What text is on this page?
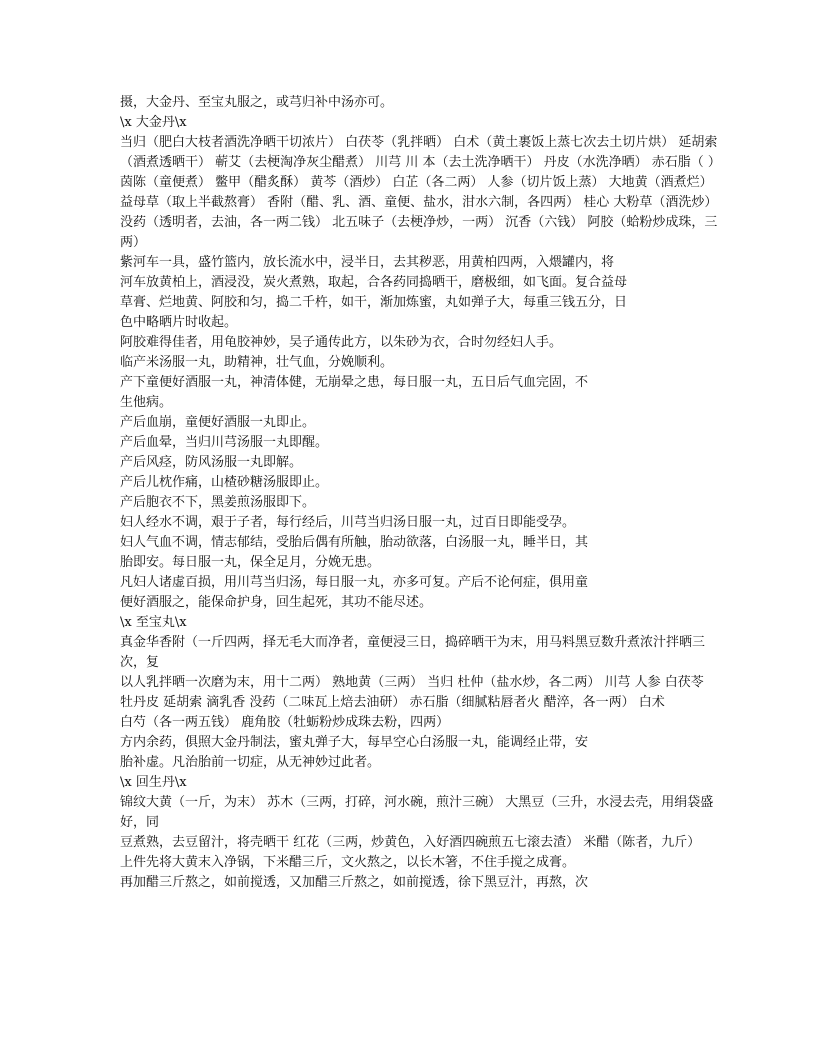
摄，大金丹、至宝丸服之，或芎归补中汤亦可。
\x 大金丹\x
当归（肥白大枝者酒洗净晒干切浓片） 白茯苓（乳拌晒） 白术（黄土裹饭上蒸七次去土切片烘） 延胡索
（酒煮透晒干） 蕲艾（去梗淘净灰尘醋煮） 川芎 川 本（去土洗净晒干） 丹皮（水洗净晒） 赤石脂（ ）
茵陈（童便煮） 鳖甲（醋炙酥） 黄芩（酒炒） 白芷（各二两） 人参（切片饭上蒸） 大地黄（酒煮烂）
益母草（取上半截熬膏） 香附（醋、乳、酒、童便、盐水，泔水六制，各四两） 桂心 大粉草（酒洗炒）
没药（透明者，去油，各一两二钱） 北五味子（去梗净炒，一两） 沉香（六钱） 阿胶（蛤粉炒成珠，三两）
紫河车一具，盛竹篮内，放长流水中，浸半日，去其秽恶，用黄柏四两，入煨罐内，将
河车放黄柏上，酒浸没，炭火煮熟，取起，合各药同捣晒干，磨极细，如飞面。复合益母
草膏、烂地黄、阿胶和匀，捣二千杵，如干，渐加炼蜜，丸如弹子大，每重三钱五分，日
色中略晒片时收起。
阿胶难得佳者，用龟胶神妙，吴子通传此方，以朱砂为衣，合时勿经妇人手。
临产米汤服一丸，助精神，壮气血，分娩顺利。
产下童便好酒服一丸，神清体健，无崩晕之患，每日服一丸，五日后气血完固，不
生他病。
产后血崩，童便好酒服一丸即止。
产后血晕，当归川芎汤服一丸即醒。
产后风痉，防风汤服一丸即解。
产后儿枕作痛，山楂砂糖汤服即止。
产后胞衣不下，黑姜煎汤服即下。
妇人经水不调，艰于子者，每行经后，川芎当归汤日服一丸，过百日即能受孕。
妇人气血不调，情志郁结，受胎后偶有所触，胎动欲落，白汤服一丸，睡半日，其
胎即安。每日服一丸，保全足月，分娩无患。
凡妇人诸虚百损，用川芎当归汤，每日服一丸，亦多可复。产后不论何症，俱用童
便好酒服之，能保命护身，回生起死，其功不能尽述。
\x 至宝丸\x
真金华香附（一斤四两，择无毛大而净者，童便浸三日，捣碎晒干为末，用马料黑豆数升煮浓汁拌晒三次，复
以人乳拌晒一次磨为末，用十二两） 熟地黄（三两） 当归 杜仲（盐水炒，各二两） 川芎 人参 白茯苓
牡丹皮 延胡索 滴乳香 没药（二味瓦上焙去油研） 赤石脂（细腻粘唇者火 醋淬，各一两） 白术
白芍（各一两五钱） 鹿角胶（牡蛎粉炒成珠去粉，四两）
方内余药，俱照大金丹制法，蜜丸弹子大，每早空心白汤服一丸，能调经止带，安
胎补虚。凡治胎前一切症，从无神妙过此者。
\x 回生丹\x
锦纹大黄（一斤，为末） 苏木（三两，打碎，河水碗，煎汁三碗） 大黑豆（三升，水浸去壳，用绢袋盛好，同
豆煮熟，去豆留汁，将壳晒干 红花（三两，炒黄色，入好酒四碗煎五七滚去渣） 米醋（陈者，九斤）
上件先将大黄末入净锅，下米醋三斤，文火熬之，以长木箸，不住手搅之成膏。
再加醋三斤熬之，如前搅透，又加醋三斤熬之，如前搅透，徐下黑豆汁，再熬，次
